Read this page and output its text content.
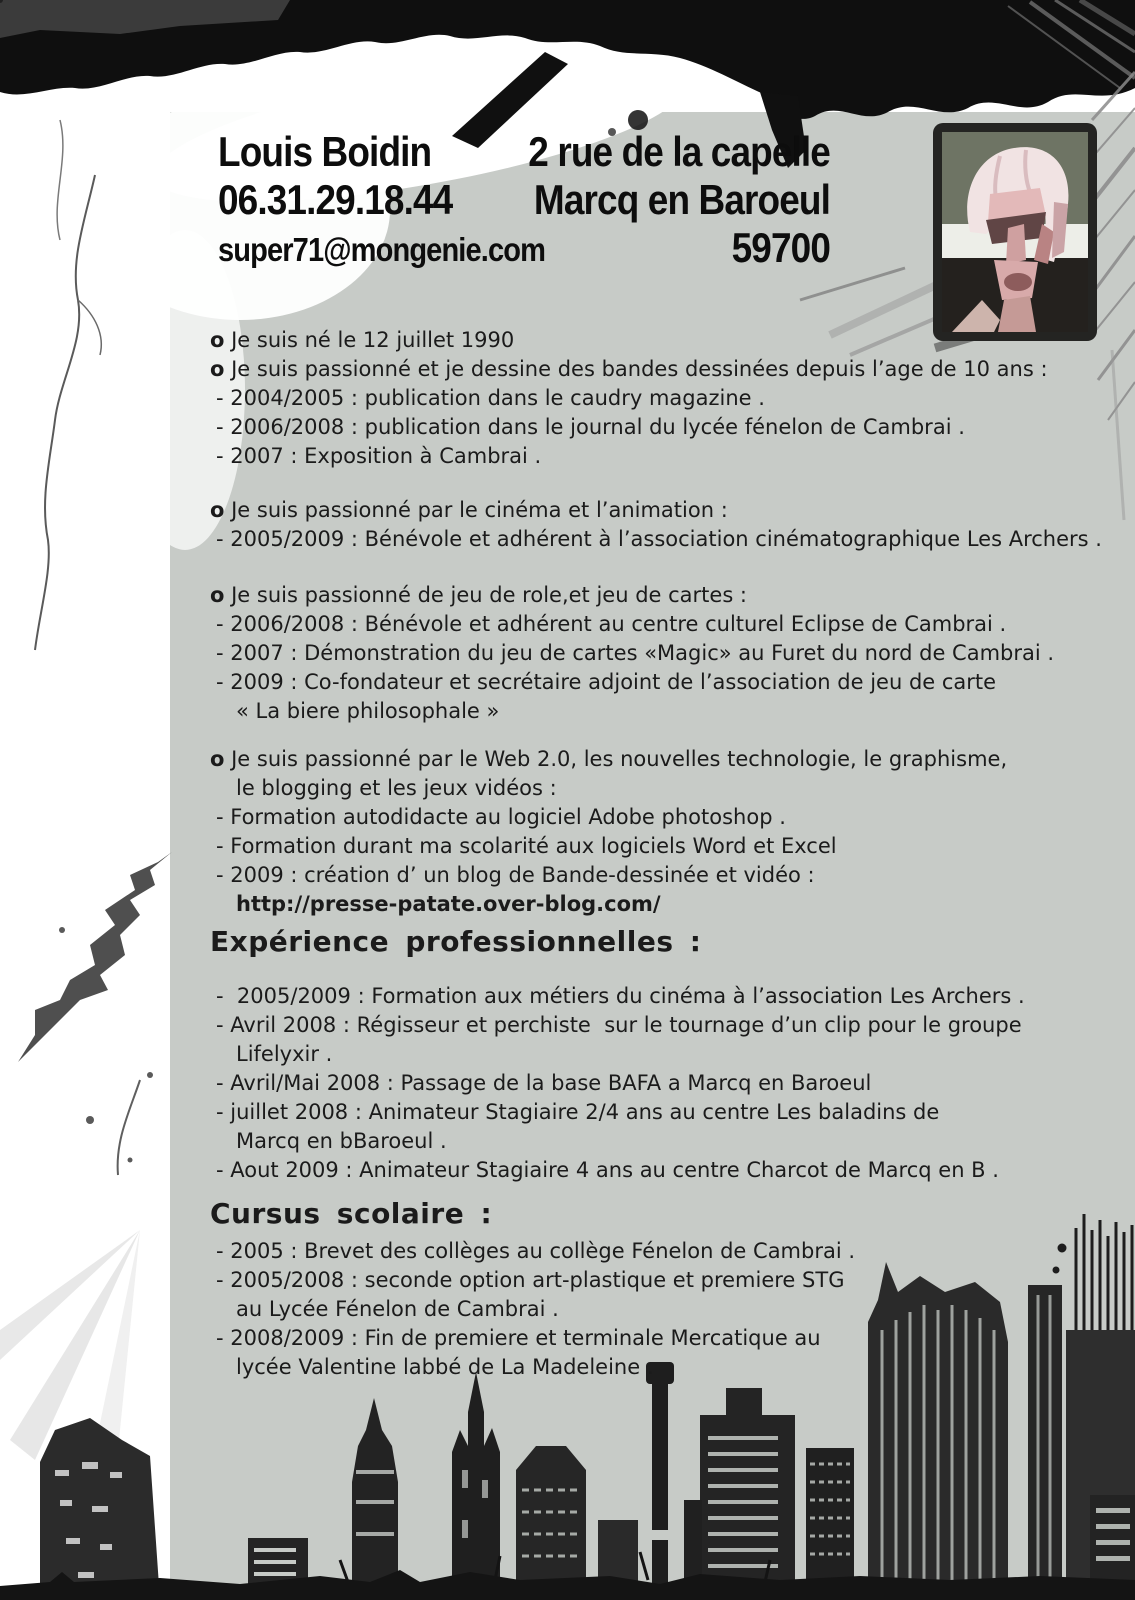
Louis Boidin
06.31.29.18.44
super71@mongenie.com
2 rue de la capelle
Marcq en Baroeul
59700
o Je suis né le 12 juillet 1990
o Je suis passionné et je dessine des bandes dessinées depuis l’age de 10 ans :
- 2004/2005 : publication dans le caudry magazine .
- 2006/2008 : publication dans le journal du lycée fénelon de Cambrai .
- 2007 : Exposition à Cambrai .
o Je suis passionné par le cinéma et l’animation :
- 2005/2009 : Bénévole et adhérent à l’association cinématographique Les Archers .
o Je suis passionné de jeu de role,et jeu de cartes :
- 2006/2008 : Bénévole et adhérent au centre culturel Eclipse de Cambrai .
- 2007 : Démonstration du jeu de cartes «Magic» au Furet du nord de Cambrai .
- 2009 : Co-fondateur et secrétaire adjoint de l’association de jeu de carte
« La biere philosophale »
o Je suis passionné par le Web 2.0, les nouvelles technologie, le graphisme,
le blogging et les jeux vidéos :
- Formation autodidacte au logiciel Adobe photoshop .
- Formation durant ma scolarité aux logiciels Word et Excel
- 2009 : création d’ un blog de Bande-dessinée et vidéo :
http://presse-patate.over-blog.com/
Expérience professionnelles :
-  2005/2009 : Formation aux métiers du cinéma à l’association Les Archers .
- Avril 2008 : Régisseur et perchiste  sur le tournage d’un clip pour le groupe
Lifelyxir .
- Avril/Mai 2008 : Passage de la base BAFA a Marcq en Baroeul
- juillet 2008 : Animateur Stagiaire 2/4 ans au centre Les baladins de
Marcq en bBaroeul .
- Aout 2009 : Animateur Stagiaire 4 ans au centre Charcot de Marcq en B .
Cursus scolaire :
- 2005 : Brevet des collèges au collège Fénelon de Cambrai .
- 2005/2008 : seconde option art-plastique et premiere STG
au Lycée Fénelon de Cambrai .
- 2008/2009 : Fin de premiere et terminale Mercatique au
lycée Valentine labbé de La Madeleine .
